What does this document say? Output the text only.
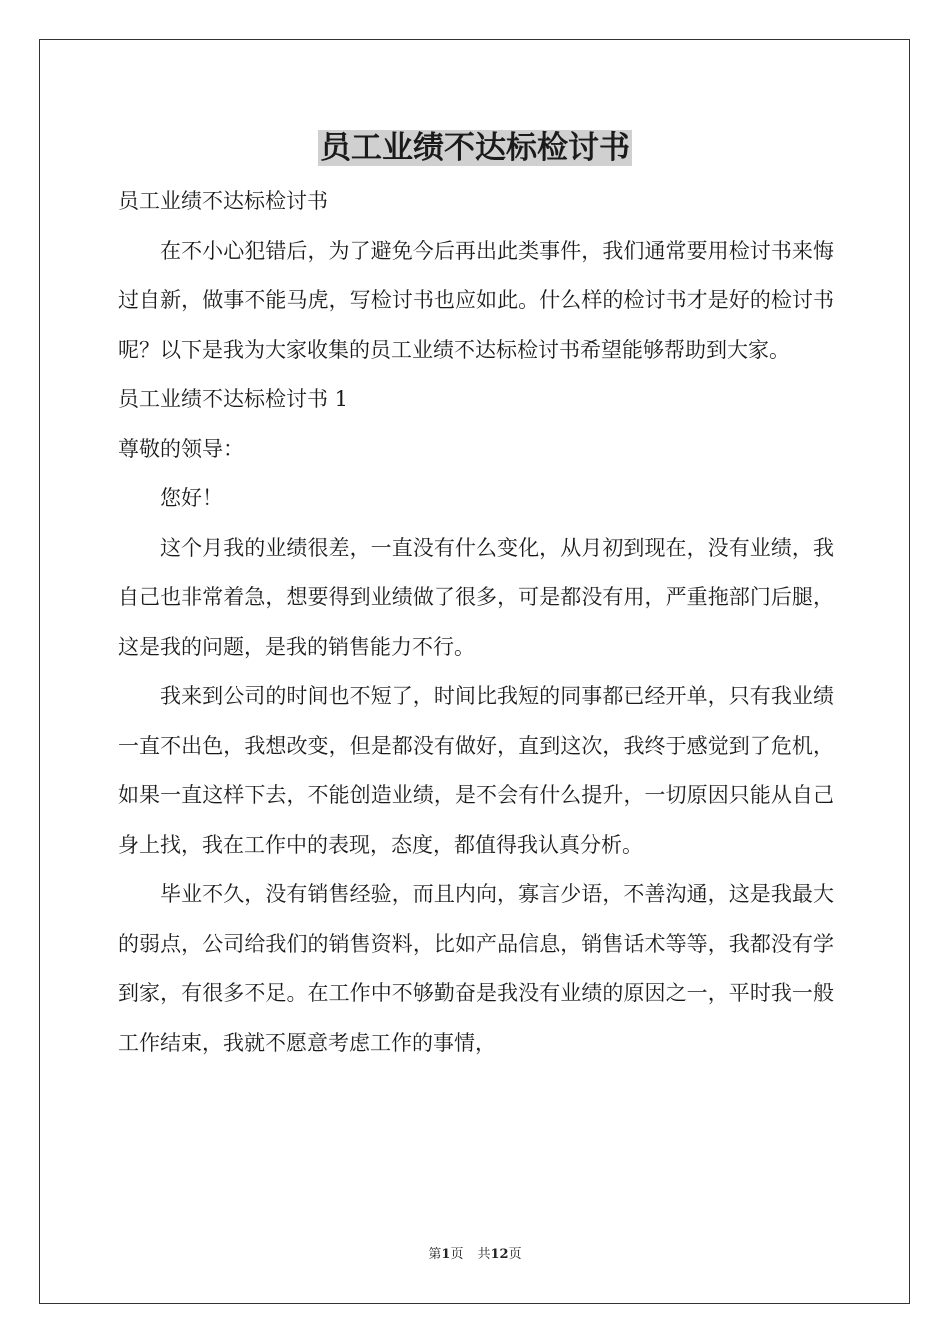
员工业绩不达标检讨书

员工业绩不达标检讨书

在不小心犯错后，为了避免今后再出此类事件，我们通常要用检讨书来悔过自新，做事不能马虎，写检讨书也应如此。什么样的检讨书才是好的检讨书呢？以下是我为大家收集的员工业绩不达标检讨书希望能够帮助到大家。

员工业绩不达标检讨书 1

尊敬的领导：

您好！

这个月我的业绩很差，一直没有什么变化，从月初到现在，没有业绩，我自己也非常着急，想要得到业绩做了很多，可是都没有用，严重拖部门后腿，这是我的问题，是我的销售能力不行。

我来到公司的时间也不短了，时间比我短的同事都已经开单，只有我业绩一直不出色，我想改变，但是都没有做好，直到这次，我终于感觉到了危机，如果一直这样下去，不能创造业绩，是不会有什么提升，一切原因只能从自己身上找，我在工作中的表现，态度，都值得我认真分析。

毕业不久，没有销售经验，而且内向，寡言少语，不善沟通，这是我最大的弱点，公司给我们的销售资料，比如产品信息，销售话术等等，我都没有学到家，有很多不足。在工作中不够勤奋是我没有业绩的原因之一，平时我一般工作结束，我就不愿意考虑工作的事情，

第1页 共12页
